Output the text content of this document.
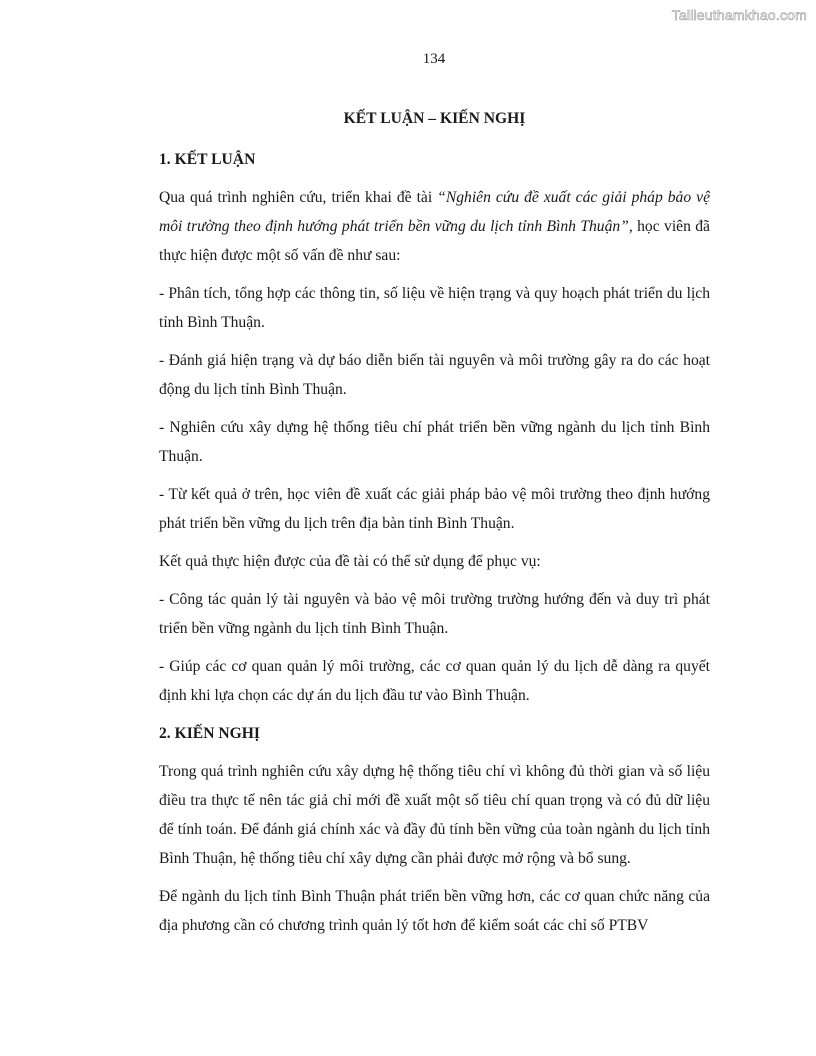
Tailieuthamkhao.com
134
KẾT LUẬN – KIẾN NGHỊ
1. KẾT LUẬN

Qua quá trình nghiên cứu, triển khai đề tài “Nghiên cứu đề xuất các giải pháp bảo vệ môi trường theo định hướng phát triển bền vững du lịch tỉnh Bình Thuận”, học viên đã thực hiện được một số vấn đề như sau:

- Phân tích, tổng hợp các thông tin, số liệu về hiện trạng và quy hoạch phát triển du lịch tỉnh Bình Thuận.

- Đánh giá hiện trạng và dự báo diễn biến tài nguyên và môi trường gây ra do các hoạt động du lịch tỉnh Bình Thuận.

- Nghiên cứu xây dựng hệ thống tiêu chí phát triển bền vững ngành du lịch tỉnh Bình Thuận.

- Từ kết quả ở trên, học viên đề xuất các giải pháp bảo vệ môi trường theo định hướng phát triển bền vững du lịch trên địa bàn tỉnh Bình Thuận.

Kết quả thực hiện được của đề tài có thể sử dụng để phục vụ:

- Công tác quản lý tài nguyên và bảo vệ môi trường trường hướng đến và duy trì phát triển bền vững ngành du lịch tỉnh Bình Thuận.

- Giúp các cơ quan quản lý môi trường, các cơ quan quản lý du lịch dễ dàng ra quyết định khi lựa chọn các dự án du lịch đầu tư vào Bình Thuận.

2. KIẾN NGHỊ

Trong quá trình nghiên cứu xây dựng hệ thống tiêu chí vì không đủ thời gian và số liệu điều tra thực tế nên tác giả chỉ mới đề xuất một số tiêu chí quan trọng và có đủ dữ liệu để tính toán. Để đánh giá chính xác và đầy đủ tính bền vững của toàn ngành du lịch tỉnh Bình Thuận, hệ thống tiêu chí xây dựng cần phải được mở rộng và bổ sung.

Để ngành du lịch tỉnh Bình Thuận phát triển bền vững hơn, các cơ quan chức năng của địa phương cần có chương trình quản lý tốt hơn để kiểm soát các chỉ số PTBV
